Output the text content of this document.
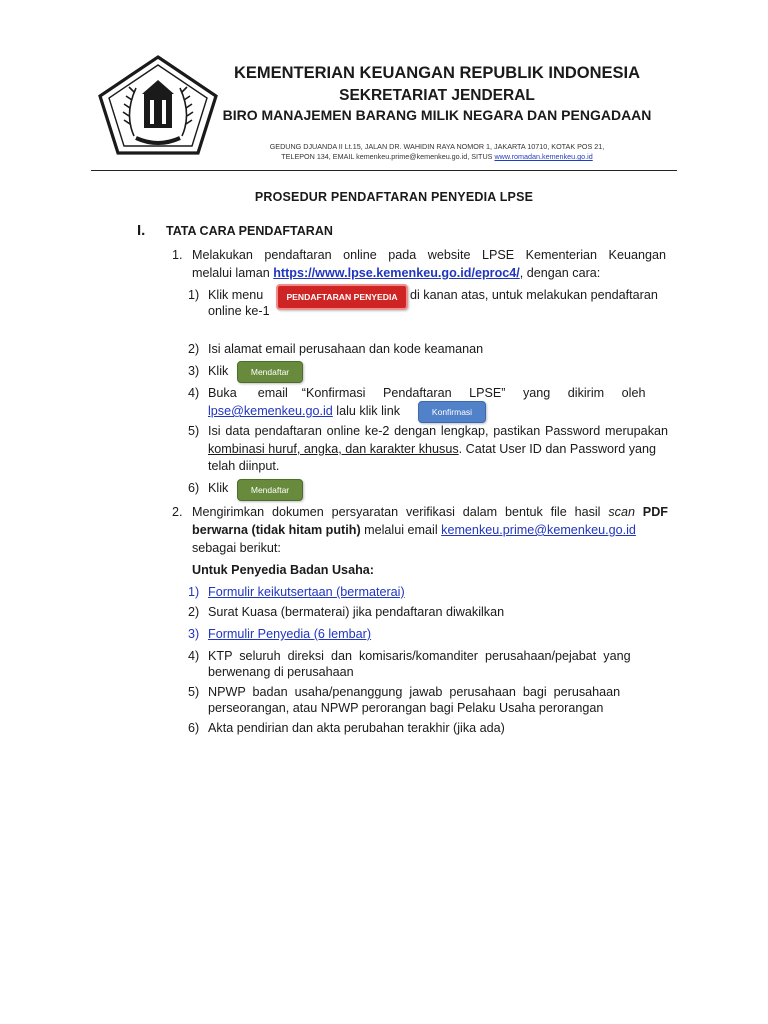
KEMENTERIAN KEUANGAN REPUBLIK INDONESIA
SEKRETARIAT JENDERAL
BIRO MANAJEMEN BARANG MILIK NEGARA DAN PENGADAAN
GEDUNG DJUANDA II Lt.15, JALAN DR. WAHIDIN RAYA NOMOR 1, JAKARTA 10710, KOTAK POS 21,
TELEPON 134, EMAIL kemenkeu.prime@kemenkeu.go.id, SITUS www.romadan.kemenkeu.go.id
PROSEDUR PENDAFTARAN PENYEDIA LPSE
I. TATA CARA PENDAFTARAN
1. Melakukan pendaftaran online pada website LPSE Kementerian Keuangan
melalui laman https://www.lpse.kemenkeu.go.id/eproc4/, dengan cara:
1) Klik menu	PENDAFTARAN PENYEDIA di kanan atas, untuk melakukan pendaftaran
online ke-1
2) Isi alamat email perusahaan dan kode keamanan
3) Klik	Mendaftar
4) Buka      email    “Konfirmasi     Pendaftaran     LPSE”     yang     dikirim     oleh
lpse@kemenkeu.go.id lalu klik link	Konfirmasi
5) Isi data pendaftaran online ke-2 dengan lengkap, pastikan Password merupakan
kombinasi huruf, angka, dan karakter khusus. Catat User ID dan Password yang
telah diinput.
6) Klik	Mendaftar
2. Mengirimkan dokumen persyaratan verifikasi dalam bentuk file hasil scan PDF
berwarna (tidak hitam putih) melalui email kemenkeu.prime@kemenkeu.go.id
sebagai berikut:
Untuk Penyedia Badan Usaha:
1) Formulir keikutsertaan (bermaterai)
2) Surat Kuasa (bermaterai) jika pendaftaran diwakilkan
3) Formulir Penyedia (6 lembar)
4) KTP  seluruh  direksi  dan  komisaris/komanditer  perusahaan/pejabat  yang
berwenang di perusahaan
5) NPWP  badan  usaha/penanggung  jawab  perusahaan  bagi  perusahaan
perseorangan, atau NPWP perorangan bagi Pelaku Usaha perorangan
6) Akta pendirian dan akta perubahan terakhir (jika ada)
